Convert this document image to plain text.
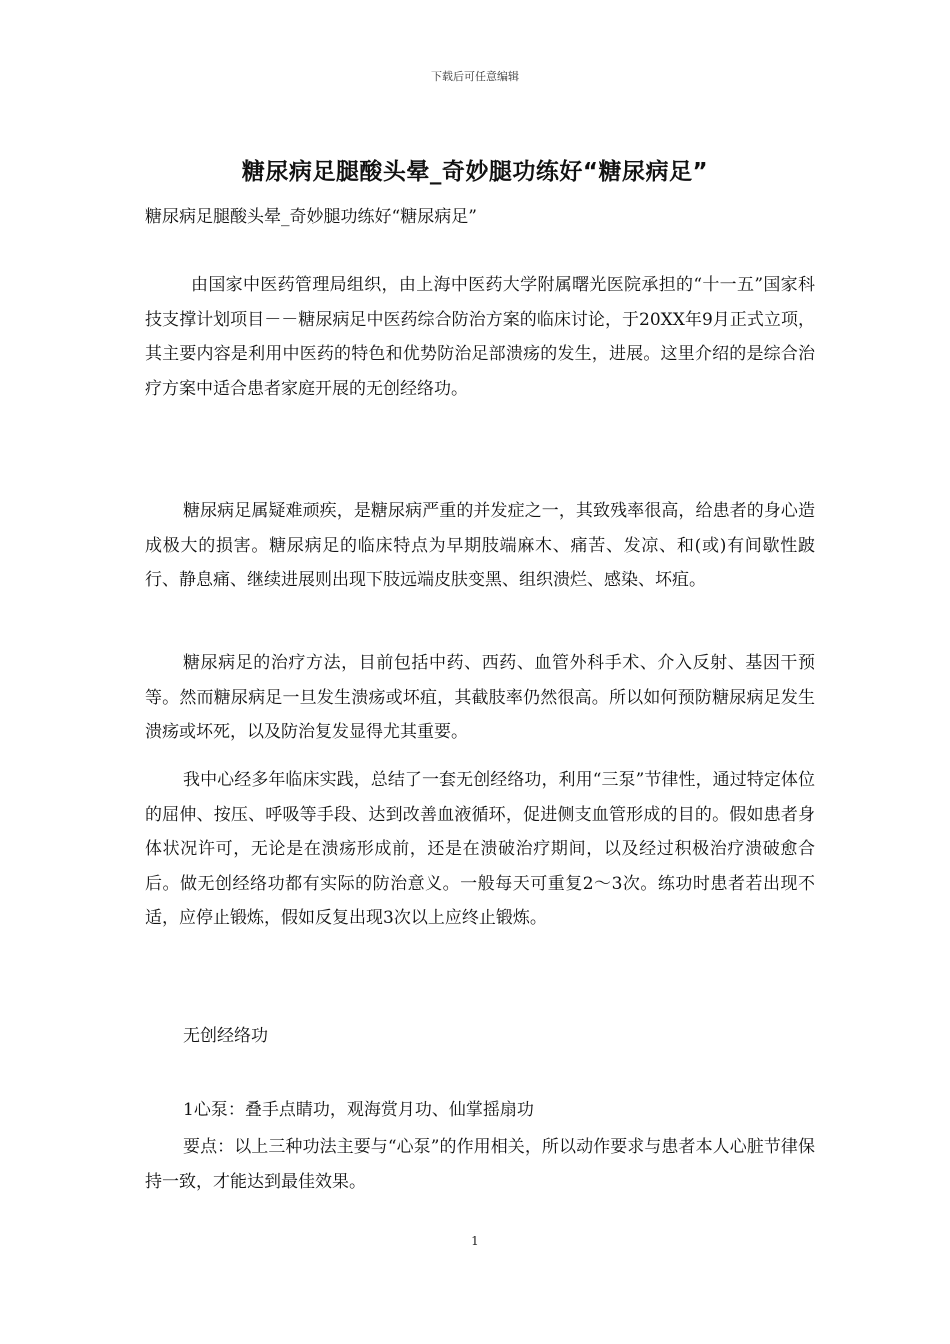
下载后可任意编辑
糖尿病足腿酸头晕_奇妙腿功练好“糖尿病足”
糖尿病足腿酸头晕_奇妙腿功练好“糖尿病足”

由国家中医药管理局组织，由上海中医药大学附属曙光医院承担的“十一五”国家科技支撑计划项目－－糖尿病足中医药综合防治方案的临床讨论，于20XX年9月正式立项，其主要内容是利用中医药的特色和优势防治足部溃疡的发生，进展。这里介绍的是综合治疗方案中适合患者家庭开展的无创经络功。

糖尿病足属疑难顽疾，是糖尿病严重的并发症之一，其致残率很高，给患者的身心造成极大的损害。糖尿病足的临床特点为早期肢端麻木、痛苦、发凉、和(或)有间歇性跛行、静息痛、继续进展则出现下肢远端皮肤变黑、组织溃烂、感染、坏疽。

糖尿病足的治疗方法，目前包括中药、西药、血管外科手术、介入反射、基因干预等。然而糖尿病足一旦发生溃疡或坏疽，其截肢率仍然很高。所以如何预防糖尿病足发生溃疡或坏死，以及防治复发显得尤其重要。

我中心经多年临床实践，总结了一套无创经络功，利用“三泵”节律性，通过特定体位的屈伸、按压、呼吸等手段、达到改善血液循环，促进侧支血管形成的目的。假如患者身体状况许可，无论是在溃疡形成前，还是在溃破治疗期间，以及经过积极治疗溃破愈合后。做无创经络功都有实际的防治意义。一般每天可重复2～3次。练功时患者若出现不适，应停止锻炼，假如反复出现3次以上应终止锻炼。

无创经络功
1心泵：叠手点睛功，观海赏月功、仙掌摇扇功

要点：以上三种功法主要与“心泵”的作用相关，所以动作要求与患者本人心脏节律保持一致，才能达到最佳效果。

1
